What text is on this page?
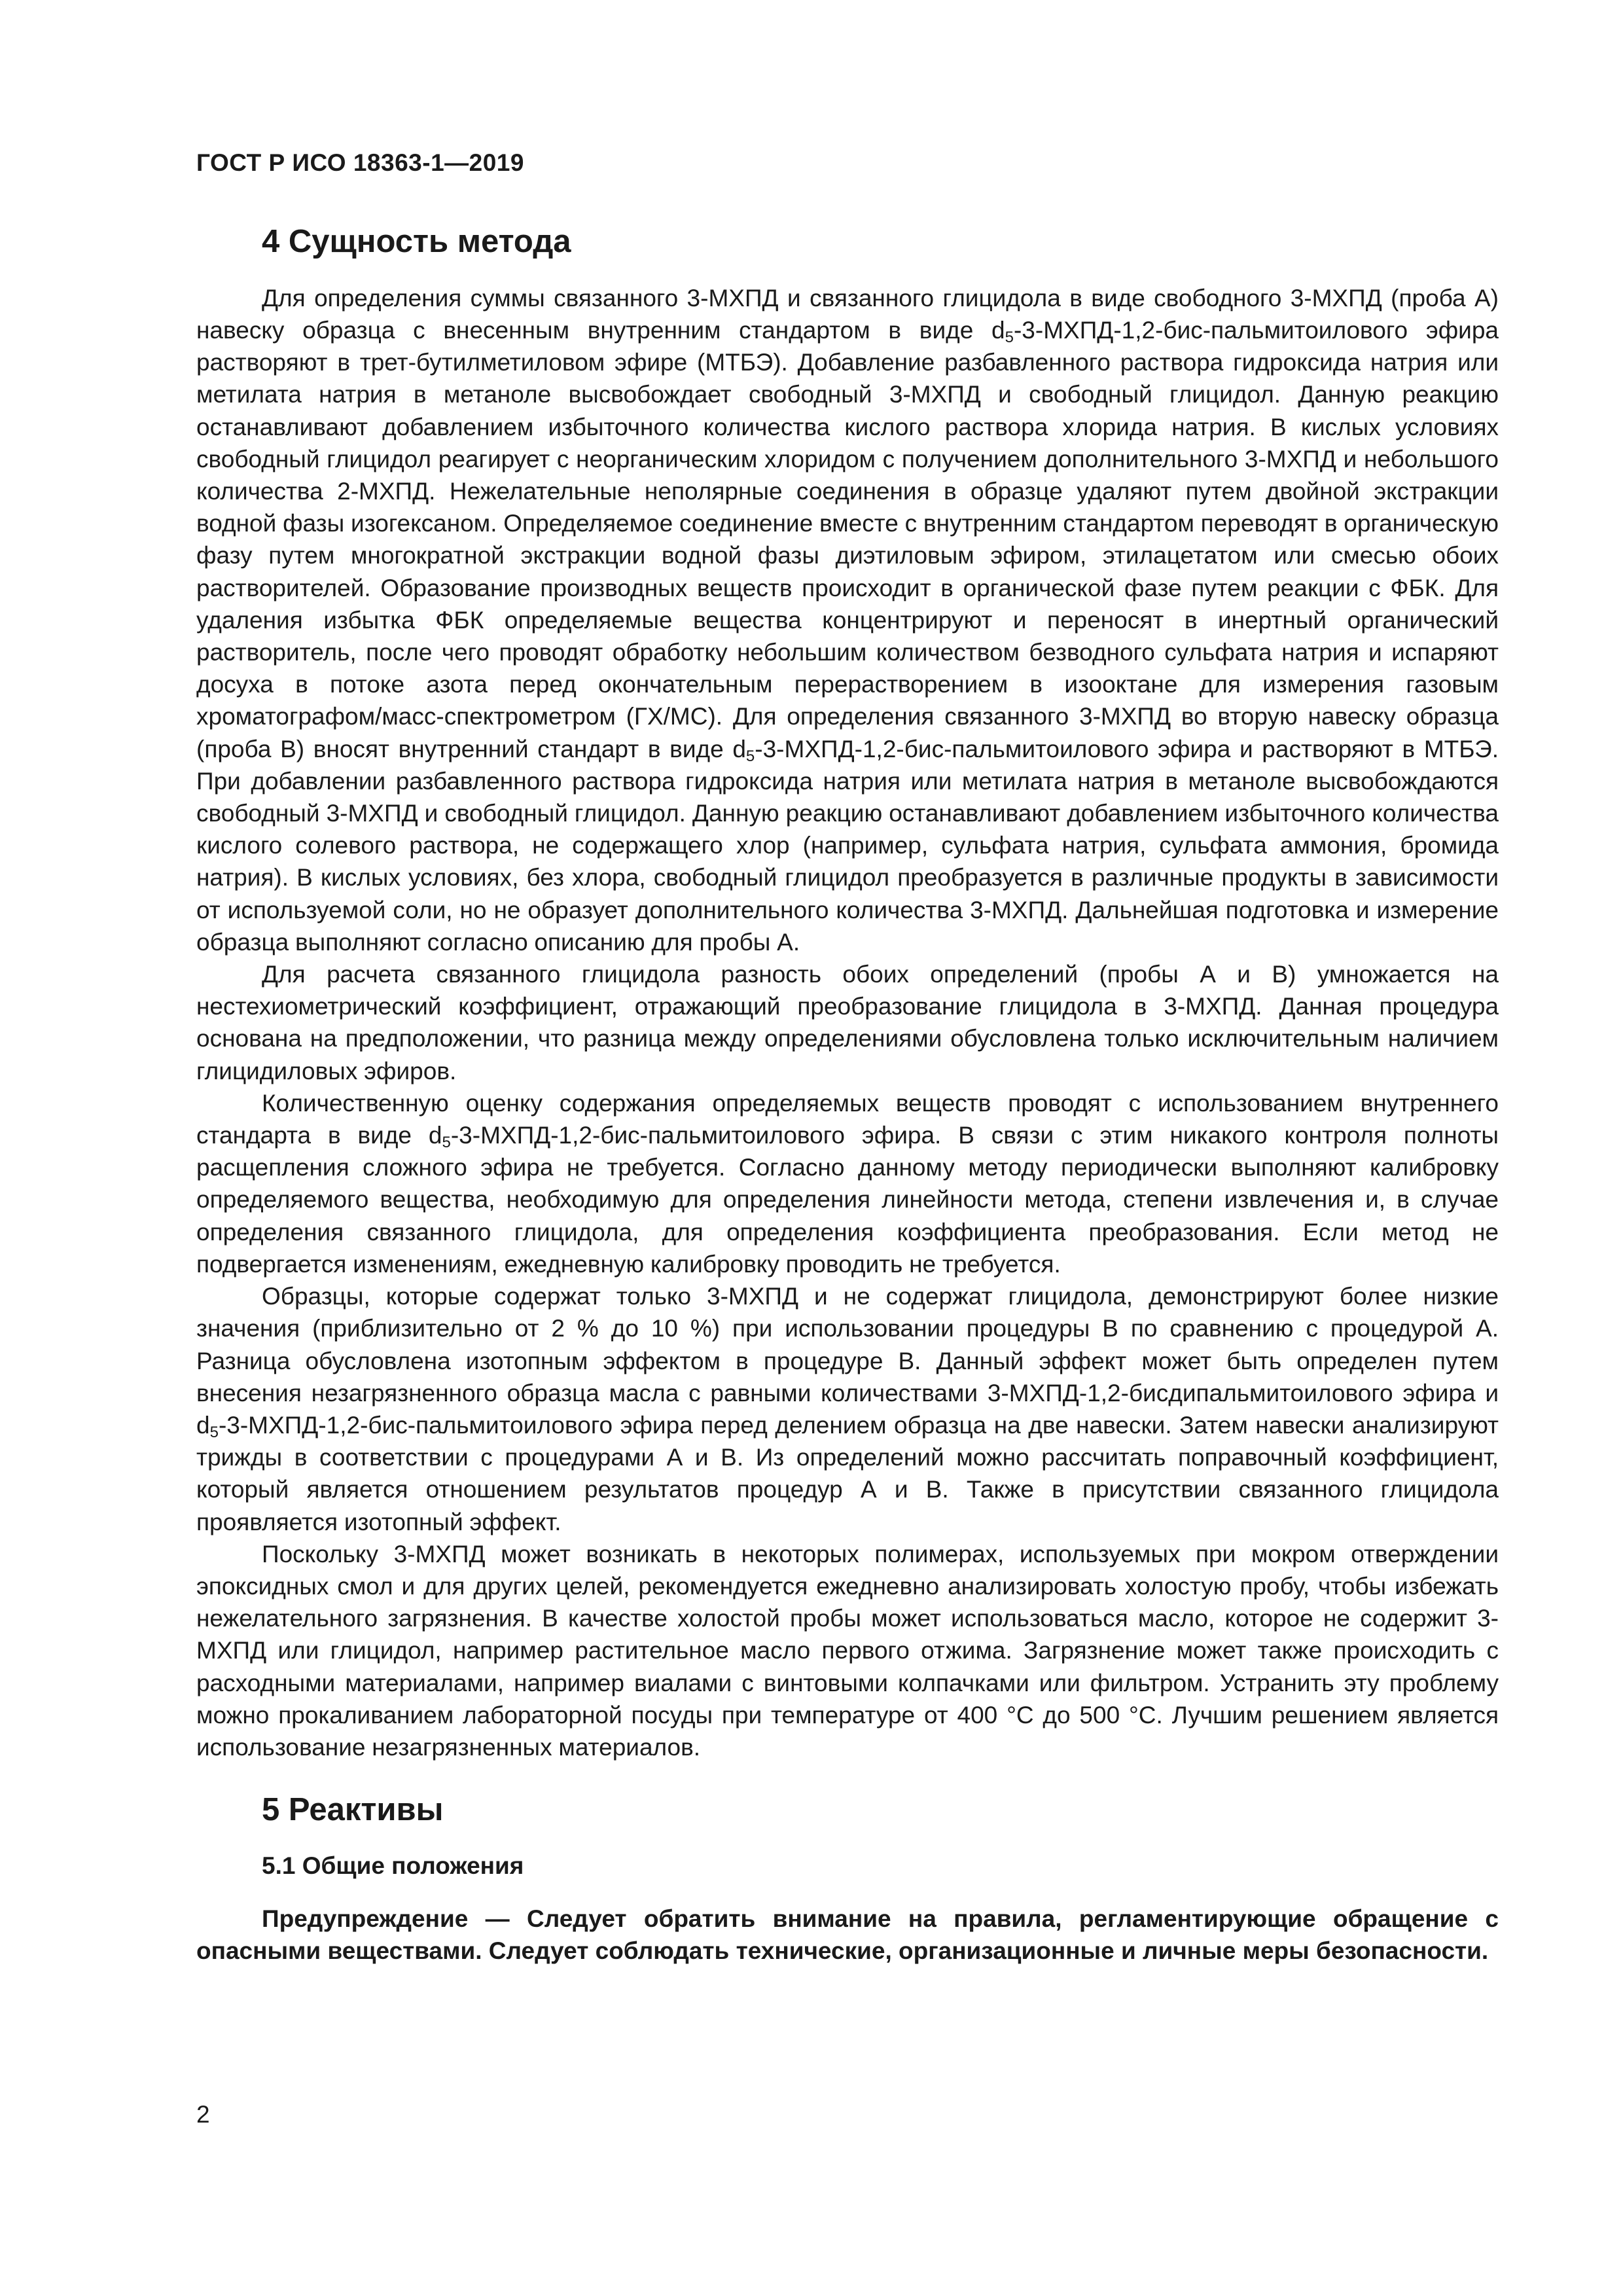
ГОСТ Р ИСО 18363-1—2019
4 Сущность метода

Для определения суммы связанного 3-МХПД и связанного глицидола в виде свободного 3-МХПД (проба А) навеску образца с внесенным внутренним стандартом в виде $d_5-3-МХПД-1,2-бис$-пальмитоилового эфира растворяют в трет-бутилметиловом эфире (МТБЭ). Добавление разбавленного раствора гидроксида натрия или метилата натрия в метаноле высвобождает свободный 3-МХПД и свободный глицидол. Данную реакцию останавливают добавлением избыточного количества кислого раствора хлорида натрия. В кислых условиях свободный глицидол реагирует с неорганическим хлоридом с получением дополнительного 3-МХПД и небольшого количества 2-МХПД. Нежелательные неполярные соединения в образце удаляют путем двойной экстракции водной фазы изогексаном. Определяемое соединение вместе с внутренним стандартом переводят в органическую фазу путем многократной экстракции водной фазы диэтиловым эфиром, этилацетатом или смесью обоих растворителей. Образование производных веществ происходит в органической фазе путем реакции с ФБК. Для удаления избытка ФБК определяемые вещества концентрируют и переносят в инертный органический растворитель, после чего проводят обработку небольшим количеством безводного сульфата натрия и испаряют досуха в потоке азота перед окончательным перерастворением в изооктане для измерения газовым хроматографом/масс-спектрометром (ГХ/МС). Для определения связанного 3-МХПД во вторую навеску образца (проба В) вносят внутренний стандарт в виде $d_5-3-МХПД-1,2-бис$-пальмитоилового эфира и растворяют в МТБЭ. При добавлении разбавленного раствора гидроксида натрия или метилата натрия в метаноле высвобождаются свободный 3-МХПД и свободный глицидол. Данную реакцию останавливают добавлением избыточного количества кислого солевого раствора, не содержащего хлор (например, сульфата натрия, сульфата аммония, бромида натрия). В кислых условиях, без хлора, свободный глицидол преобразуется в различные продукты в зависимости от используемой соли, но не образует дополнительного количества 3-МХПД. Дальнейшая подготовка и измерение образца выполняют согласно описанию для пробы А.

Для расчета связанного глицидола разность обоих определений (пробы А и В) умножается на нестехиометрический коэффициент, отражающий преобразование глицидола в 3-МХПД. Данная процедура основана на предположении, что разница между определениями обусловлена только исключительным наличием глицидиловых эфиров.

Количественную оценку содержания определяемых веществ проводят с использованием внутреннего стандарта в виде $d_5-3-МХПД-1,2-бис$-пальмитоилового эфира. В связи с этим никакого контроля полноты расщепления сложного эфира не требуется. Согласно данному методу периодически выполняют калибровку определяемого вещества, необходимую для определения линейности метода, степени извлечения и, в случае определения связанного глицидола, для определения коэффициента преобразования. Если метод не подвергается изменениям, ежедневную калибровку проводить не требуется.

Образцы, которые содержат только 3-МХПД и не содержат глицидола, демонстрируют более низкие значения (приблизительно от 2 % до 10 %) при использовании процедуры В по сравнению с процедурой А. Разница обусловлена изотопным эффектом в процедуре В. Данный эффект может быть определен путем внесения незагрязненного образца масла с равными количествами 3-МХПД-1,2-бисдипальмитоилового эфира и $d_5-3-МХПД-1,2-бис$-пальмитоилового эфира перед делением образца на две навески. Затем навески анализируют трижды в соответствии с процедурами А и В. Из определений можно рассчитать поправочный коэффициент, который является отношением результатов процедур А и В. Также в присутствии связанного глицидола проявляется изотопный эффект.

Поскольку 3-МХПД может возникать в некоторых полимерах, используемых при мокром отверждении эпоксидных смол и для других целей, рекомендуется ежедневно анализировать холостую пробу, чтобы избежать нежелательного загрязнения. В качестве холостой пробы может использоваться масло, которое не содержит 3-МХПД или глицидол, например растительное масло первого отжима. Загрязнение может также происходить с расходными материалами, например виалами с винтовыми колпачками или фильтром. Устранить эту проблему можно прокаливанием лабораторной посуды при температуре от 400 °С до 500 °С. Лучшим решением является использование незагрязненных материалов.

5 Реактивы
5.1 Общие положения

Предупреждение — Следует обратить внимание на правила, регламентирующие обращение с опасными веществами. Следует соблюдать технические, организационные и личные меры безопасности.

2
